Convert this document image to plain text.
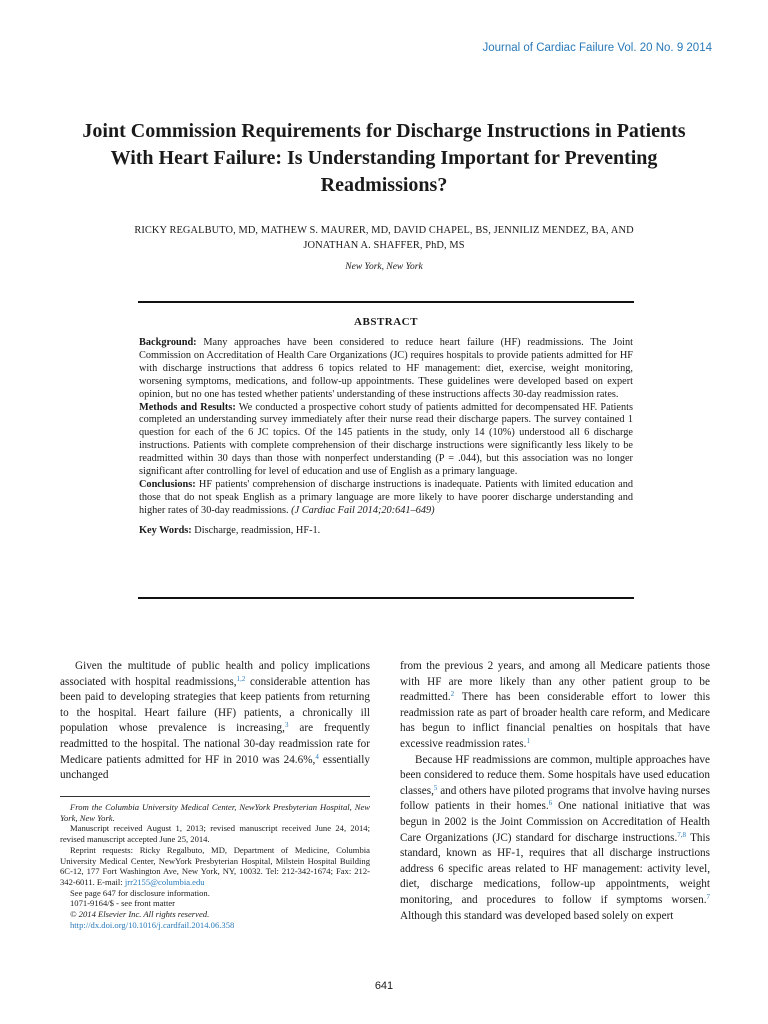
Journal of Cardiac Failure Vol. 20 No. 9 2014
Joint Commission Requirements for Discharge Instructions in Patients With Heart Failure: Is Understanding Important for Preventing Readmissions?
RICKY REGALBUTO, MD, MATHEW S. MAURER, MD, DAVID CHAPEL, BS, JENNILIZ MENDEZ, BA, AND
JONATHAN A. SHAFFER, PhD, MS
New York, New York
ABSTRACT

Background: Many approaches have been considered to reduce heart failure (HF) readmissions. The Joint Commission on Accreditation of Health Care Organizations (JC) requires hospitals to provide patients admitted for HF with discharge instructions that address 6 topics related to HF management: diet, exercise, weight monitoring, worsening symptoms, medications, and follow-up appointments. These guidelines were developed based on expert opinion, but no one has tested whether patients' understanding of these instructions affects 30-day readmission rates.

Methods and Results: We conducted a prospective cohort study of patients admitted for decompensated HF. Patients completed an understanding survey immediately after their nurse read their discharge papers. The survey contained 1 question for each of the 6 JC topics. Of the 145 patients in the study, only 14 (10%) understood all 6 discharge instructions. Patients with complete comprehension of their discharge instructions were significantly less likely to be readmitted within 30 days than those with nonperfect understanding (P = .044), but this association was no longer significant after controlling for level of education and use of English as a primary language.

Conclusions: HF patients' comprehension of discharge instructions is inadequate. Patients with limited education and those that do not speak English as a primary language are more likely to have poorer discharge understanding and higher rates of 30-day readmissions. (J Cardiac Fail 2014;20:641–649)

Key Words: Discharge, readmission, HF-1.

Given the multitude of public health and policy implications associated with hospital readmissions,$^{1,2}$ considerable attention has been paid to developing strategies that keep patients from returning to the hospital. Heart failure (HF) patients, a chronically ill population whose prevalence is increasing,$^3$ are frequently readmitted to the hospital. The national 30-day readmission rate for Medicare patients admitted for HF in 2010 was 24.6%,$^4$ essentially unchanged

From the Columbia University Medical Center, NewYork Presbyterian Hospital, New York, New York.

Manuscript received August 1, 2013; revised manuscript received June 24, 2014; revised manuscript accepted June 25, 2014.

Reprint requests: Ricky Regalbuto, MD, Department of Medicine, Columbia University Medical Center, NewYork Presbyterian Hospital, Milstein Hospital Building 6C-12, 177 Fort Washington Ave, New York, NY, 10032. Tel: 212-342-1674; Fax: 212-342-6011. E-mail: jrr2155@columbia.edu

See page 647 for disclosure information.

1071-9164/$ - see front matter

© 2014 Elsevier Inc. All rights reserved.

http://dx.doi.org/10.1016/j.cardfail.2014.06.358

from the previous 2 years, and among all Medicare patients those with HF are more likely than any other patient group to be readmitted.$^2$ There has been considerable effort to lower this readmission rate as part of broader health care reform, and Medicare has begun to inflict financial penalties on hospitals that have excessive readmission rates.$^1$

Because HF readmissions are common, multiple approaches have been considered to reduce them. Some hospitals have used education classes,$^5$ and others have piloted programs that involve having nurses follow patients in their homes.$^6$ One national initiative that was begun in 2002 is the Joint Commission on Accreditation of Health Care Organizations (JC) standard for discharge instructions.$^{7,8}$ This standard, known as HF-1, requires that all discharge instructions address 6 specific areas related to HF management: activity level, diet, discharge medications, follow-up appointments, weight monitoring, and procedures to follow if symptoms worsen.$^7$ Although this standard was developed based solely on expert

641
